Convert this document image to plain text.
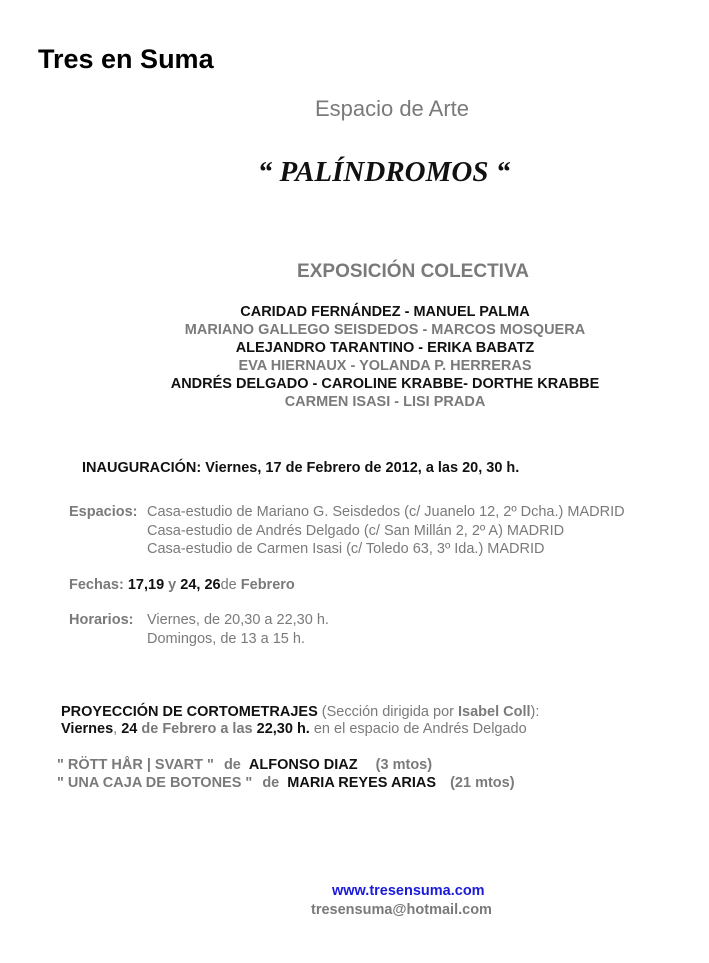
Tres en Suma
Espacio de Arte
“ PALÍNDROMOS “
EXPOSICIÓN COLECTIVA
CARIDAD FERNÁNDEZ - MANUEL PALMA
MARIANO GALLEGO SEISDEDOS - MARCOS MOSQUERA
ALEJANDRO TARANTINO - ERIKA BABATZ
EVA HIERNAUX - YOLANDA P. HERRERAS
ANDRÉS DELGADO - CAROLINE KRABBE- DORTHE KRABBE
CARMEN ISASI - LISI PRADA
INAUGURACIÓN: Viernes, 17 de Febrero de 2012, a las 20, 30 h.
Espacios: Casa-estudio de Mariano G. Seisdedos (c/ Juanelo 12, 2º Dcha.) MADRID
Casa-estudio de Andrés Delgado (c/ San Millán 2, 2º A) MADRID
Casa-estudio de Carmen Isasi (c/ Toledo 63, 3º Ida.) MADRID
Fechas: 17,19 y 24, 26de Febrero
Horarios: Viernes, de 20,30 a 22,30 h.
Domingos, de 13 a 15 h.
PROYECCIÓN DE CORTOMETRAJES (Sección dirigida por Isabel Coll):
Viernes, 24 de Febrero a las 22,30 h. en el espacio de Andrés Delgado
" RÖTT HÅR | SVART " de ALFONSO DIAZ (3 mtos)
" UNA CAJA DE BOTONES " de MARIA REYES ARIAS (21 mtos)
www.tresensuma.com
tresensuma@hotmail.com
